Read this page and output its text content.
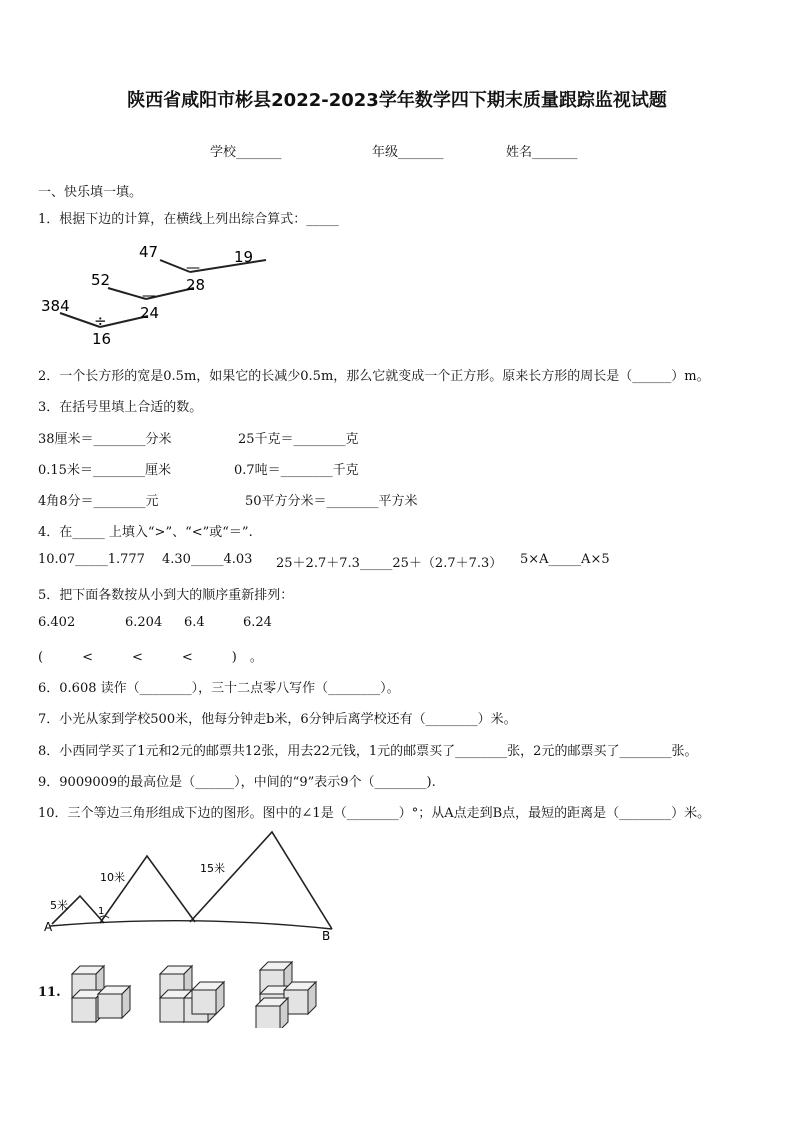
陕西省咸阳市彬县2022-2023学年数学四下期末质量跟踪监视试题
学校_______	年级_______	姓名_______
一、快乐填一填。
1．根据下边的计算，在横线上列出综合算式：_____
47
—
19
52
—
28
384
÷ 24
16
2．一个长方形的宽是0.5m，如果它的长减少0.5m，那么它就变成一个正方形。原来长方形的周长是（______）m。
3．在括号里填上合适的数。
38厘米＝________分米	25千克＝________克
0.15米＝________厘米	0.7吨＝________千克
4角8分＝________元	50平方分米＝________平方米
4．在_____ 上填入“>”、“<”或“＝”.
10.07_____1.777 4.30_____4.03 25＋2.7＋7.3_____25＋（2.7＋7.3） 5×A_____A×5
5．把下面各数按从小到大的顺序重新排列：
6.402	6.204 6.4	6.24
(　　　<　　　<　　　<　　　)　。
6．0.608 读作（________），三十二点零八写作（________）。
7．小光从家到学校500米，他每分钟走b米，6分钟后离学校还有（________）米。
8．小西同学买了1元和2元的邮票共12张，用去22元钱，1元的邮票买了________张，2元的邮票买了________张。
9．9009009的最高位是（______），中间的“9”表示9个（________).
10．三个等边三角形组成下边的图形。图中的∠1是（________）°；从A点走到B点，最短的距离是（________）米。
5米
10米
15米
1
A
B
11.
